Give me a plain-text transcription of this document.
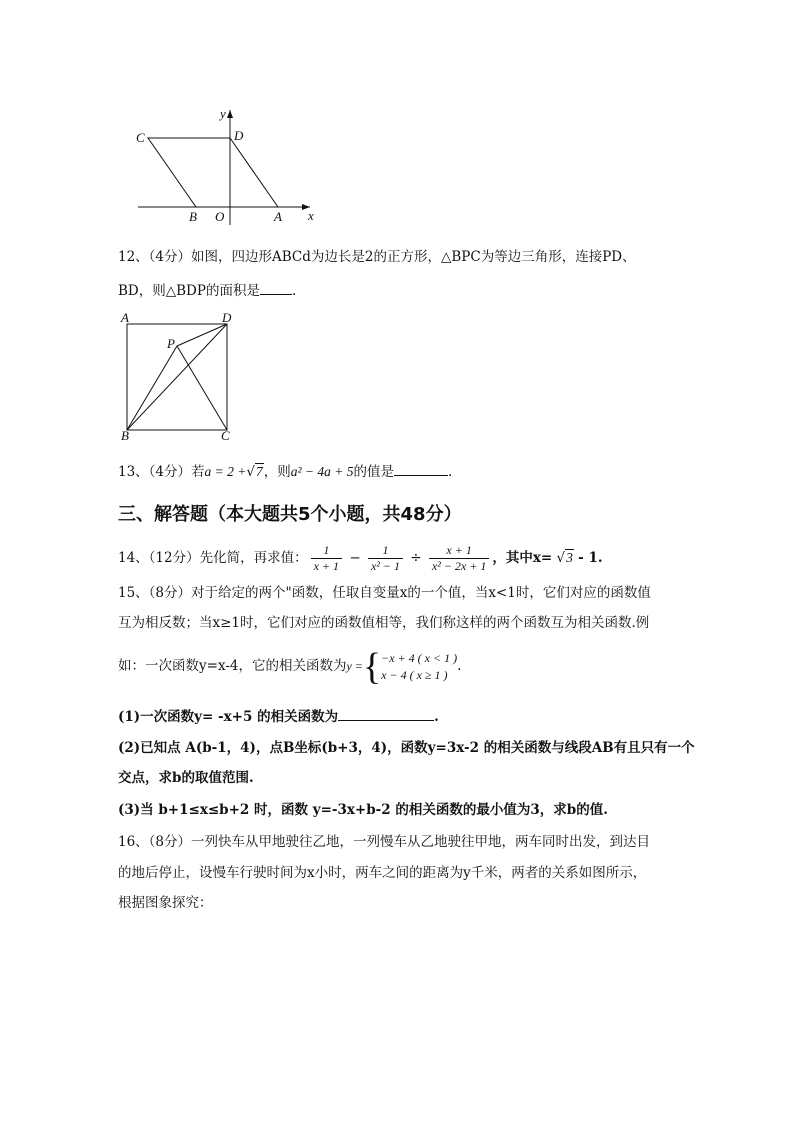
y
x
C	D
B O	A
12、（4分）如图，四边形ABCd为边长是2的正方形，△BPC为等边三角形，连接PD、
BD，则△BDP的面积是 .
A	D
P
B	C
13、（4分）若a = 2 +√7，则a² − 4a + 5的值是	.
三、解答题（本大题共5个小题，共48分）
14、（12分）先化简，再求值： $\frac{1}{x + 1} - \frac{1}{\text{x² − 1}} \div \frac{x + 1}{\text{x² − 2x + 1}}$ ，其中x= √3 - 1.
15、（8分）对于给定的两个"函数，任取自变量x的一个值，当x<1时，它们对应的函数值
互为相反数；当x≥1时，它们对应的函数值相等，我们称这样的两个函数互为相关函数.例
如：一次函数y=x-4，它的相关函数为y ={ −x + 4 ( x < 1 )
x − 4 ( x ≥ 1 )
.
(1)一次函数y= -x+5 的相关函数为	.
(2)已知点 A(b-1，4)，点B坐标(b+3，4)，函数y=3x-2 的相关函数与线段AB有且只有一个
交点，求b的取值范围.
(3)当 b+1≤x≤b+2 时，函数 y=-3x+b-2 的相关函数的最小值为3，求b的值.
16、（8分）一列快车从甲地驶往乙地，一列慢车从乙地驶往甲地，两车同时出发，到达目
的地后停止，设慢车行驶时间为x小时，两车之间的距离为y千米，两者的关系如图所示，
根据图象探究：
